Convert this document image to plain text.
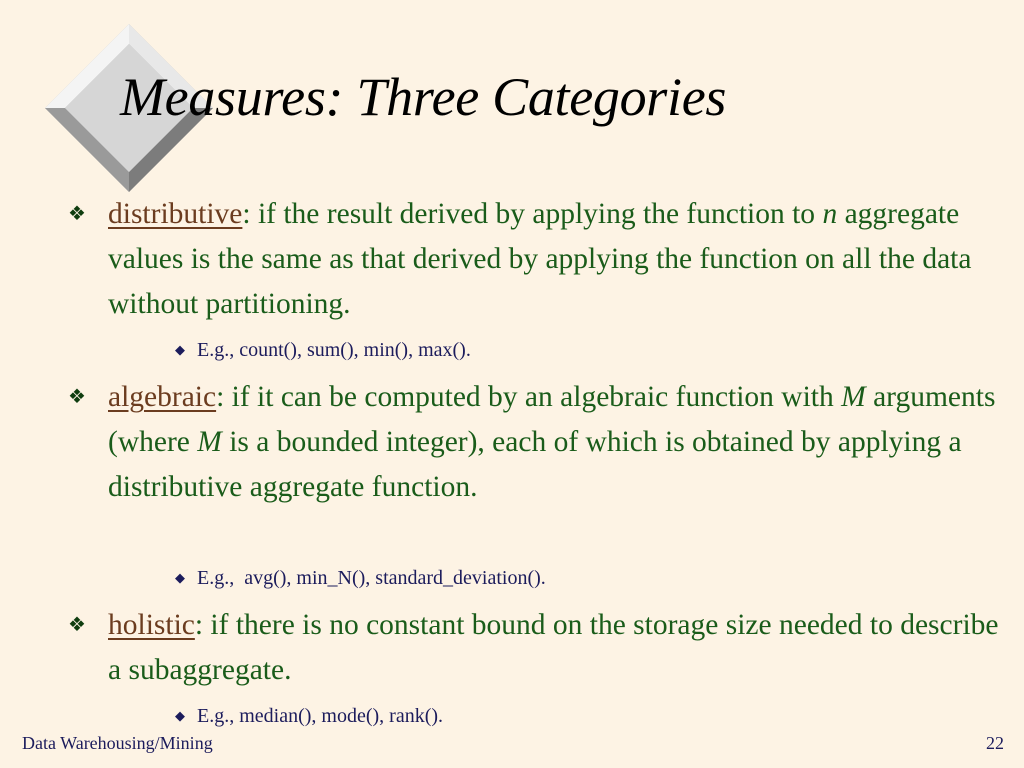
Measures: Three Categories
❖ distributive: if the result derived by applying the function to n aggregate values is the same as that derived by applying the function on all the data without partitioning.
◆ E.g., count(), sum(), min(), max().
❖ algebraic: if it can be computed by an algebraic function with M arguments (where M is a bounded integer), each of which is obtained by applying a distributive aggregate function.
◆ E.g.,  avg(), min_N(), standard_deviation().
❖ holistic: if there is no constant bound on the storage size needed to describe a subaggregate.
◆ E.g., median(), mode(), rank().
Data Warehousing/Mining	22
